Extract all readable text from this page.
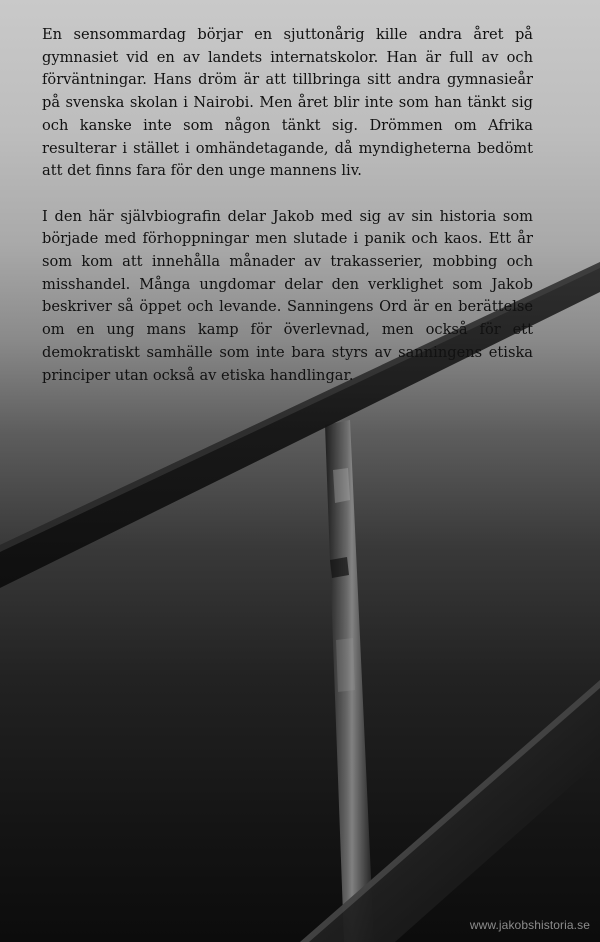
En sensommardag börjar en sjuttonårig kille andra året på gymnasiet vid en av landets internatskolor. Han är full av och förväntningar. Hans dröm är att tillbringa sitt andra gymnasieår på svenska skolan i Nairobi. Men året blir inte som han tänkt sig och kanske inte som någon tänkt sig. Drömmen om Afrika resulterar i stället i omhändetagande, då myndigheterna bedömt att det finns fara för den unge mannens liv.

I den här självbiografin delar Jakob med sig av sin historia som började med förhoppningar men slutade i panik och kaos. Ett år som kom att innehålla månader av trakasserier, mobbing och misshandel. Många ungdomar delar den verklighet som Jakob beskriver så öppet och levande. Sanningens Ord är en berättelse om en ung mans kamp för överlevnad, men också för ett demokratiskt samhälle som inte bara styrs av sanningens etiska principer utan också av etiska handlingar.

www.jakobshistoria.se
